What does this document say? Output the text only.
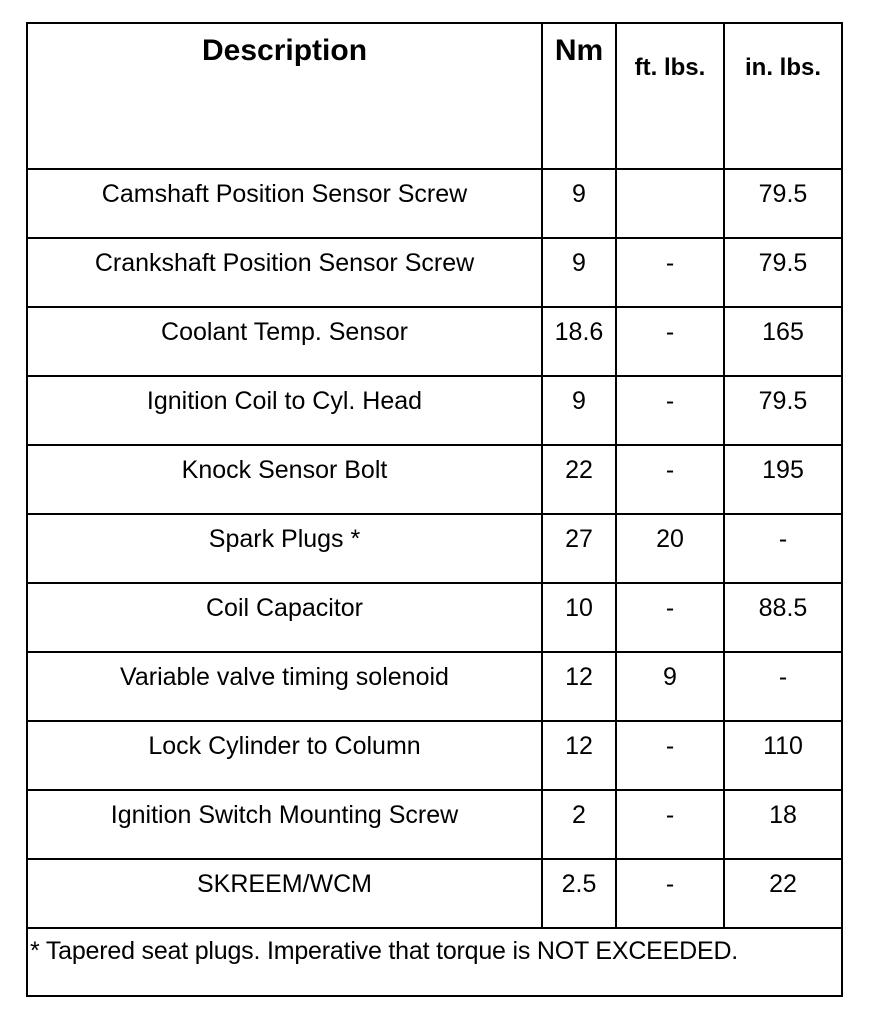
Description	Nm	ft. lbs.	in. lbs.
Camshaft Position Sensor Screw	9		79.5
Crankshaft Position Sensor Screw	9	-	79.5
Coolant Temp. Sensor	18.6	-	165
Ignition Coil to Cyl. Head	9	-	79.5
Knock Sensor Bolt	22	-	195
Spark Plugs *	27	20	-
Coil Capacitor	10	-	88.5
Variable valve timing solenoid	12	9	-
Lock Cylinder to Column	12	-	110
Ignition Switch Mounting Screw	2	-	18
SKREEM/WCM	2.5	-	22
* Tapered seat plugs. Imperative that torque is NOT EXCEEDED.			
